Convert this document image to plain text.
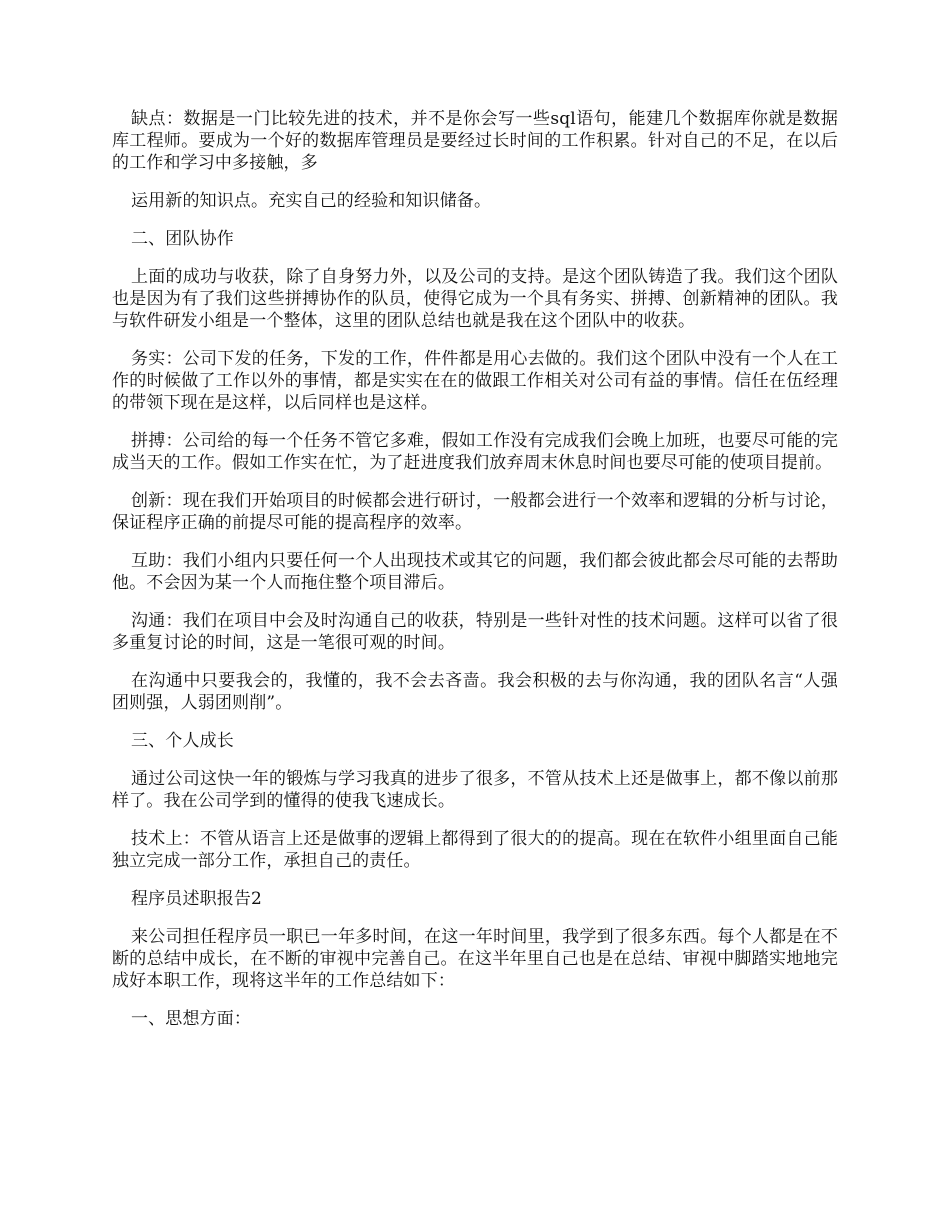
缺点：数据是一门比较先进的技术，并不是你会写一些sql语句，能建几个数据库你就是数据库工程师。要成为一个好的数据库管理员是要经过长时间的工作积累。针对自己的不足，在以后的工作和学习中多接触，多

运用新的知识点。充实自己的经验和知识储备。

二、团队协作

上面的成功与收获，除了自身努力外，以及公司的支持。是这个团队铸造了我。我们这个团队也是因为有了我们这些拼搏协作的队员，使得它成为一个具有务实、拼搏、创新精神的团队。我与软件研发小组是一个整体，这里的团队总结也就是我在这个团队中的收获。

务实：公司下发的任务，下发的工作，件件都是用心去做的。我们这个团队中没有一个人在工作的时候做了工作以外的事情，都是实实在在的做跟工作相关对公司有益的事情。信任在伍经理的带领下现在是这样，以后同样也是这样。

拼搏：公司给的每一个任务不管它多难，假如工作没有完成我们会晚上加班，也要尽可能的完成当天的工作。假如工作实在忙，为了赶进度我们放弃周末休息时间也要尽可能的使项目提前。

创新：现在我们开始项目的时候都会进行研讨，一般都会进行一个效率和逻辑的分析与讨论，保证程序正确的前提尽可能的提高程序的效率。

互助：我们小组内只要任何一个人出现技术或其它的问题，我们都会彼此都会尽可能的去帮助他。不会因为某一个人而拖住整个项目滞后。

沟通：我们在项目中会及时沟通自己的收获，特别是一些针对性的技术问题。这样可以省了很多重复讨论的时间，这是一笔很可观的时间。

在沟通中只要我会的，我懂的，我不会去吝啬。我会积极的去与你沟通，我的团队名言“人强团则强，人弱团则削”。

三、个人成长

通过公司这快一年的锻炼与学习我真的进步了很多，不管从技术上还是做事上，都不像以前那样了。我在公司学到的懂得的使我飞速成长。

技术上：不管从语言上还是做事的逻辑上都得到了很大的的提高。现在在软件小组里面自己能独立完成一部分工作，承担自己的责任。

程序员述职报告2

来公司担任程序员一职已一年多时间，在这一年时间里，我学到了很多东西。每个人都是在不断的总结中成长，在不断的审视中完善自己。在这半年里自己也是在总结、审视中脚踏实地地完成好本职工作，现将这半年的工作总结如下：

一、思想方面：
